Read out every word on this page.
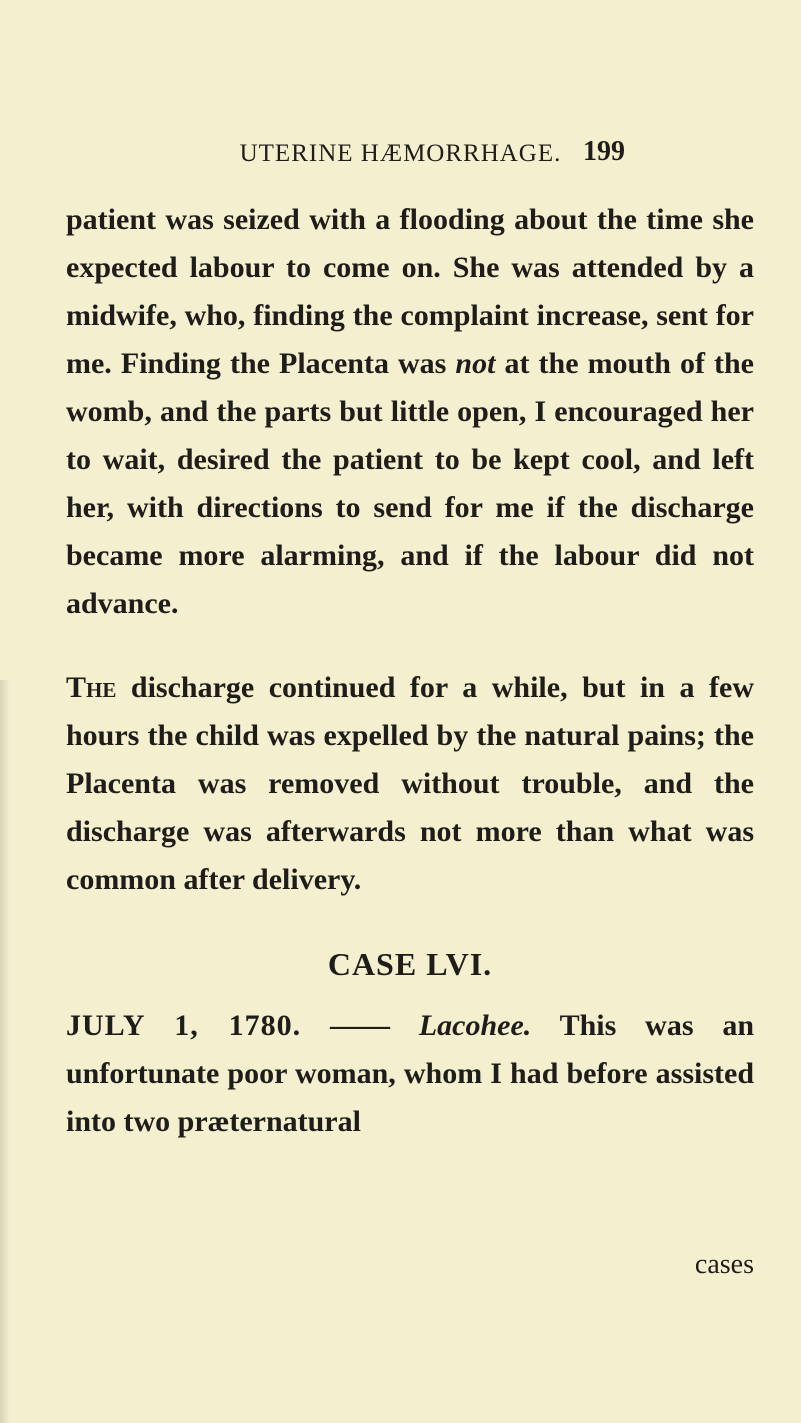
UTERINE HÆMORRHAGE. 199

patient was seized with a flooding about the time she expected labour to come on. She was attended by a midwife, who, finding the complaint increase, sent for me. Finding the Placenta was not at the mouth of the womb, and the parts but little open, I encouraged her to wait, desired the patient to be kept cool, and left her, with directions to send for me if the discharge became more alarming, and if the labour did not advance.

The discharge continued for a while, but in a few hours the child was expelled by the natural pains; the Placenta was removed without trouble, and the discharge was afterwards not more than what was common after delivery.

CASE LVI.

JULY 1, 1780. —— Lacohee. This was an unfortunate poor woman, whom I had before assisted into two præternatural

cases
